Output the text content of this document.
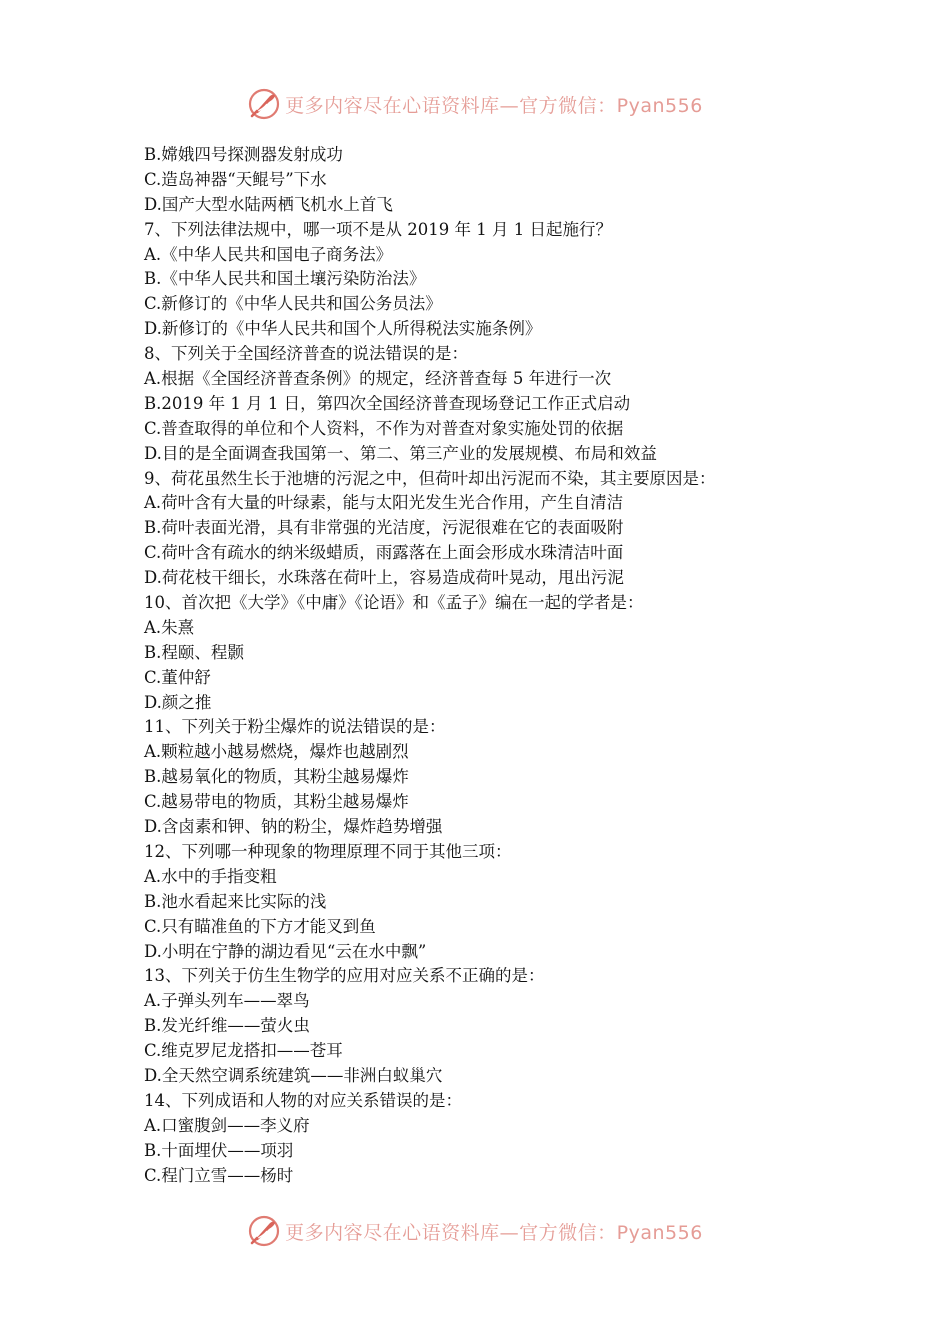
更多内容尽在心语资料库—官方微信：Pyan556
B.嫦娥四号探测器发射成功
C.造岛神器“天鲲号”下水
D.国产大型水陆两栖飞机水上首飞
7、下列法律法规中，哪一项不是从 2019 年 1 月 1 日起施行？
A.《中华人民共和国电子商务法》
B.《中华人民共和国土壤污染防治法》
C.新修订的《中华人民共和国公务员法》
D.新修订的《中华人民共和国个人所得税法实施条例》
8、下列关于全国经济普查的说法错误的是：
A.根据《全国经济普查条例》的规定，经济普查每 5 年进行一次
B.2019 年 1 月 1 日，第四次全国经济普查现场登记工作正式启动
C.普查取得的单位和个人资料，不作为对普查对象实施处罚的依据
D.目的是全面调查我国第一、第二、第三产业的发展规模、布局和效益
9、荷花虽然生长于池塘的污泥之中，但荷叶却出污泥而不染，其主要原因是：
A.荷叶含有大量的叶绿素，能与太阳光发生光合作用，产生自清洁
B.荷叶表面光滑，具有非常强的光洁度，污泥很难在它的表面吸附
C.荷叶含有疏水的纳米级蜡质，雨露落在上面会形成水珠清洁叶面
D.荷花枝干细长，水珠落在荷叶上，容易造成荷叶晃动，甩出污泥
10、首次把《大学》《中庸》《论语》和《孟子》编在一起的学者是：
A.朱熹
B.程颐、程颢
C.董仲舒
D.颜之推
11、下列关于粉尘爆炸的说法错误的是：
A.颗粒越小越易燃烧，爆炸也越剧烈
B.越易氧化的物质，其粉尘越易爆炸
C.越易带电的物质，其粉尘越易爆炸
D.含卤素和钾、钠的粉尘，爆炸趋势增强
12、下列哪一种现象的物理原理不同于其他三项：
A.水中的手指变粗
B.池水看起来比实际的浅
C.只有瞄准鱼的下方才能叉到鱼
D.小明在宁静的湖边看见“云在水中飘”
13、下列关于仿生生物学的应用对应关系不正确的是：
A.子弹头列车——翠鸟
B.发光纤维——萤火虫
C.维克罗尼龙搭扣——苍耳
D.全天然空调系统建筑——非洲白蚁巢穴
14、下列成语和人物的对应关系错误的是：
A.口蜜腹剑——李义府
B.十面埋伏——项羽
C.程门立雪——杨时
更多内容尽在心语资料库—官方微信：Pyan556
